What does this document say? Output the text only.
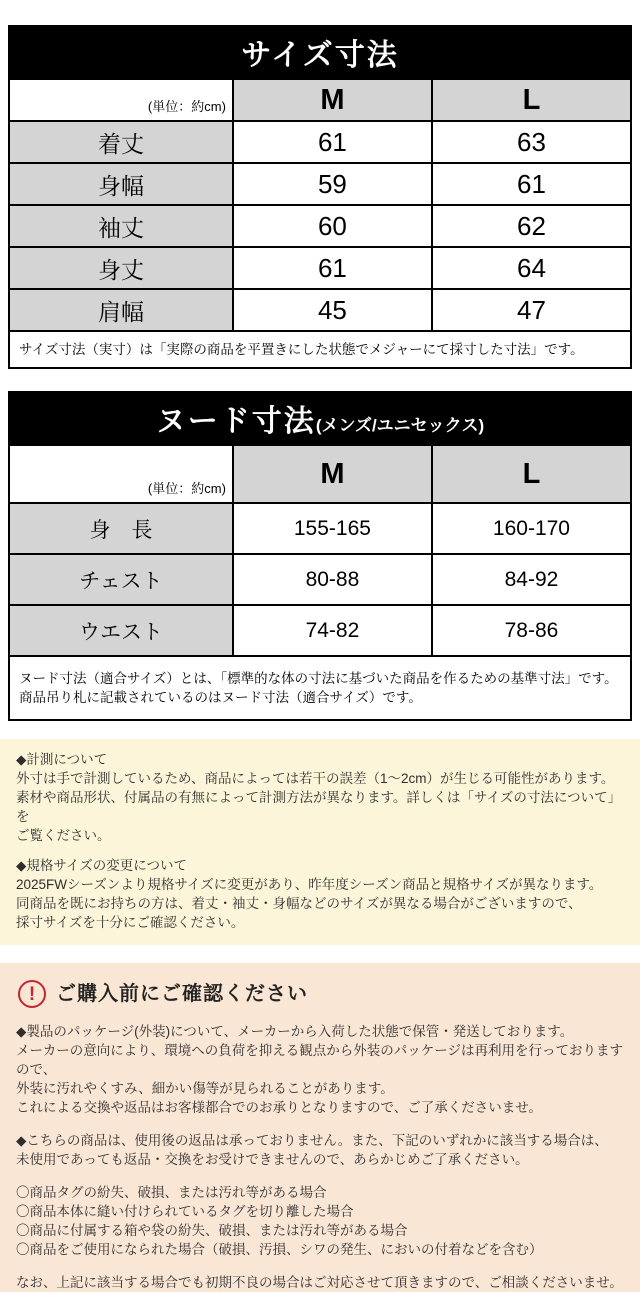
サイズ寸法
(単位：約cm)	M	L
着丈	61	63
身幅	59	61
袖丈	60	62
身丈	61	64
肩幅	45	47
サイズ寸法（実寸）は「実際の商品を平置きにした状態でメジャーにて採寸した寸法」です。		
ヌード寸法 (メンズ/ユニセックス)
(単位：約cm)	M	L
身　長	155-165	160-170
チェスト	80-88	84-92
ウエスト	74-82	78-86

ヌード寸法（適合サイズ）とは、「標準的な体の寸法に基づいた商品を作るための基準寸法」です。
商品吊り札に記載されているのはヌード寸法（適合サイズ）です。		
◆計測について
外寸は手で計測しているため、商品によっては若干の誤差（1～2cm）が生じる可能性があります。
素材や商品形状、付属品の有無によって計測方法が異なります。詳しくは「サイズの寸法について」を
ご覧ください。
◆規格サイズの変更について
2025FWシーズンより規格サイズに変更があり、昨年度シーズン商品と規格サイズが異なります。
同商品を既にお持ちの方は、着丈・袖丈・身幅などのサイズが異なる場合がございますので、
採寸サイズを十分にご確認ください。
!	ご購入前にご確認ください
◆製品のパッケージ(外装)について、メーカーから入荷した状態で保管・発送しております。
メーカーの意向により、環境への負荷を抑える観点から外装のパッケージは再利用を行っておりますので、
外装に汚れやくすみ、細かい傷等が見られることがあります。
これによる交換や返品はお客様都合でのお承りとなりますので、ご了承くださいませ。
◆こちらの商品は、使用後の返品は承っておりません。また、下記のいずれかに該当する場合は、
未使用であっても返品・交換をお受けできませんので、あらかじめご了承ください。
〇商品タグの紛失、破損、または汚れ等がある場合
〇商品本体に縫い付けられているタグを切り離した場合
〇商品に付属する箱や袋の紛失、破損、または汚れ等がある場合
〇商品をご使用になられた場合（破損、汚損、シワの発生、においの付着などを含む）
なお、上記に該当する場合でも初期不良の場合はご対応させて頂きますので、ご相談くださいませ。
